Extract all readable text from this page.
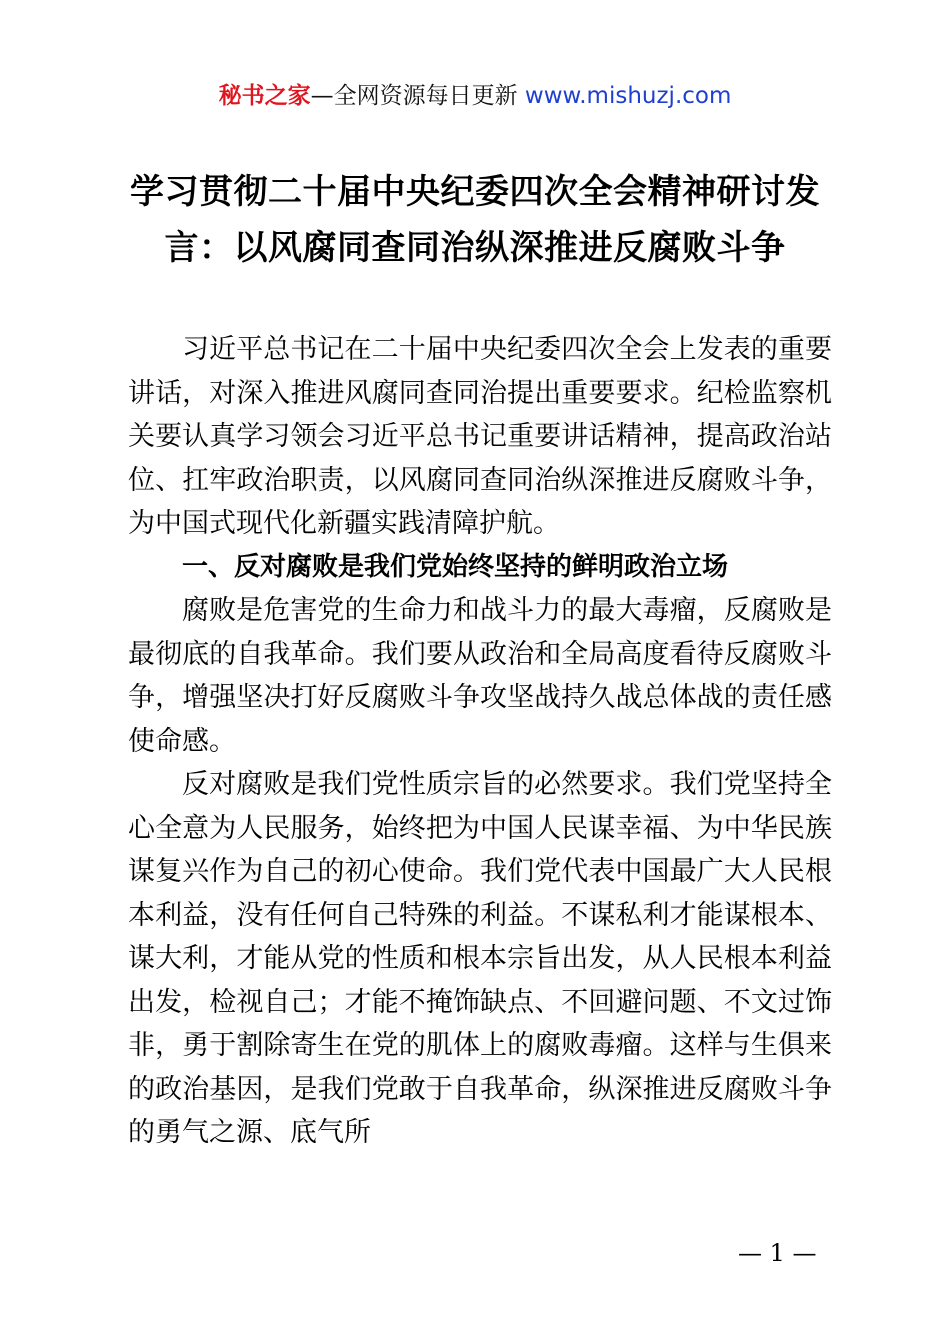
秘书之家—全网资源每日更新 www.mishuzj.com
学习贯彻二十届中央纪委四次全会精神研讨发言：以风腐同查同治纵深推进反腐败斗争

习近平总书记在二十届中央纪委四次全会上发表的重要讲话，对深入推进风腐同查同治提出重要要求。纪检监察机关要认真学习领会习近平总书记重要讲话精神，提高政治站位、扛牢政治职责，以风腐同查同治纵深推进反腐败斗争，为中国式现代化新疆实践清障护航。

一、反对腐败是我们党始终坚持的鲜明政治立场

腐败是危害党的生命力和战斗力的最大毒瘤，反腐败是最彻底的自我革命。我们要从政治和全局高度看待反腐败斗争，增强坚决打好反腐败斗争攻坚战持久战总体战的责任感使命感。

反对腐败是我们党性质宗旨的必然要求。我们党坚持全心全意为人民服务，始终把为中国人民谋幸福、为中华民族谋复兴作为自己的初心使命。我们党代表中国最广大人民根本利益，没有任何自己特殊的利益。不谋私利才能谋根本、谋大利，才能从党的性质和根本宗旨出发，从人民根本利益出发，检视自己；才能不掩饰缺点、不回避问题、不文过饰非，勇于割除寄生在党的肌体上的腐败毒瘤。这样与生俱来的政治基因，是我们党敢于自我革命，纵深推进反腐败斗争的勇气之源、底气所

— 1 —
